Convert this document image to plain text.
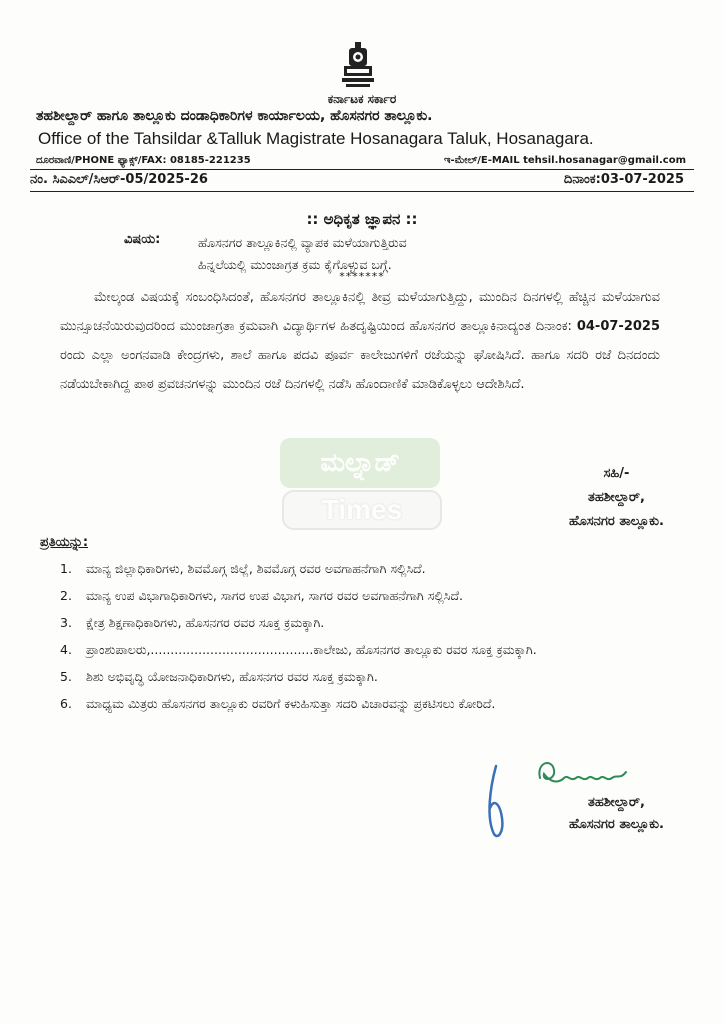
ಕರ್ನಾಟಕ ಸರ್ಕಾರ
ತಹಶೀಲ್ದಾರ್ ಹಾಗೂ ತಾಲ್ಲೂಕು ದಂಡಾಧಿಕಾರಿಗಳ ಕಾರ್ಯಾಲಯ, ಹೊಸನಗರ ತಾಲ್ಲೂಕು.
Office of the Tahsildar &Talluk Magistrate Hosanagara Taluk, Hosanagara.
ದೂರವಾಣಿ/PHONE ಫ್ಯಾಕ್ಸ್/FAX: 08185-221235	ಇ-ಮೇಲ್/E-MAIL tehsil.hosanagar@gmail.com
ನಂ. ಸಿಎಎಲ್/ಸಿಆರ್-05/2025-26	ದಿನಾಂಕ:03-07-2025
:: ಅಧಿಕೃತ ಜ್ಞಾಪನ ::
ವಿಷಯ:	ಹೊಸನಗರ ತಾಲ್ಲೂಕಿನಲ್ಲಿ ವ್ಯಾಪಕ ಮಳೆಯಾಗುತ್ತಿರುವ
ಹಿನ್ನಲೆಯಲ್ಲಿ ಮುಂಜಾಗ್ರತ ಕ್ರಮ ಕೈಗೊಳ್ಳುವ ಬಗ್ಗೆ.
*******
ಮೇಲ್ಕಂಡ ವಿಷಯಕ್ಕೆ ಸಂಬಂಧಿಸಿದಂತೆ, ಹೊಸನಗರ ತಾಲ್ಲೂಕಿನಲ್ಲಿ ತೀವ್ರ ಮಳೆಯಾಗುತ್ತಿದ್ದು, ಮುಂದಿನ ದಿನಗಳಲ್ಲಿ ಹೆಚ್ಚಿನ ಮಳೆಯಾಗುವ ಮುನ್ಸೂಚನೆಯಿರುವುದರಿಂದ ಮುಂಜಾಗ್ರತಾ ಕ್ರಮವಾಗಿ ವಿದ್ಯಾರ್ಥಿಗಳ ಹಿತದೃಷ್ಟಿಯಿಂದ ಹೊಸನಗರ ತಾಲ್ಲೂಕಿನಾದ್ಯಂತ ದಿನಾಂಕ: 04-07-2025 ರಂದು ಎಲ್ಲಾ ಅಂಗನವಾಡಿ ಕೇಂದ್ರಗಳು, ಶಾಲೆ ಹಾಗೂ ಪದವಿ ಪೂರ್ವ ಕಾಲೇಜುಗಳಿಗೆ ರಜೆಯನ್ನು ಘೋಷಿಸಿದೆ. ಹಾಗೂ ಸದರಿ ರಜೆ ದಿನದಂದು ನಡೆಯಬೇಕಾಗಿದ್ದ ಪಾಠ ಪ್ರವಚನಗಳನ್ನು ಮುಂದಿನ ರಜೆ ದಿನಗಳಲ್ಲಿ ನಡೆಸಿ ಹೊಂದಾಣಿಕೆ ಮಾಡಿಕೊಳ್ಳಲು ಆದೇಶಿಸಿದೆ.
ಮಲ್ನಾಡ್
Times
ಸಹಿ/-
ತಹಶೀಲ್ದಾರ್,
ಹೊಸನಗರ ತಾಲ್ಲೂಕು.
ಪ್ರತಿಯನ್ನು:
1. ಮಾನ್ಯ ಜಿಲ್ಲಾಧಿಕಾರಿಗಳು, ಶಿವಮೊಗ್ಗ ಜಿಲ್ಲೆ, ಶಿವಮೊಗ್ಗ ರವರ ಅವಗಾಹನೆಗಾಗಿ ಸಲ್ಲಿಸಿದೆ.
2. ಮಾನ್ಯ ಉಪ ವಿಭಾಗಾಧಿಕಾರಿಗಳು, ಸಾಗರ ಉಪ ವಿಭಾಗ, ಸಾಗರ ರವರ ಅವಗಾಹನೆಗಾಗಿ ಸಲ್ಲಿಸಿದೆ.
3. ಕ್ಷೇತ್ರ ಶಿಕ್ಷಣಾಧಿಕಾರಿಗಳು, ಹೊಸನಗರ ರವರ ಸೂಕ್ತ ಕ್ರಮಕ್ಕಾಗಿ.
4. ಪ್ರಾಂಶುಪಾಲರು,.........................................ಕಾಲೇಜು, ಹೊಸನಗರ ತಾಲ್ಲೂಕು ರವರ ಸೂಕ್ತ ಕ್ರಮಕ್ಕಾಗಿ.
5. ಶಿಶು ಅಭಿವೃದ್ಧಿ ಯೋಜನಾಧಿಕಾರಿಗಳು, ಹೊಸನಗರ ರವರ ಸೂಕ್ತ ಕ್ರಮಕ್ಕಾಗಿ.
6. ಮಾಧ್ಯಮ ಮಿತ್ರರು ಹೊಸನಗರ ತಾಲ್ಲೂಕು ರವರಿಗೆ ಕಳುಹಿಸುತ್ತಾ ಸದರಿ ವಿಚಾರವನ್ನು ಪ್ರಕಟಿಸಲು ಕೋರಿದೆ.
ತಹಶೀಲ್ದಾರ್,
ಹೊಸನಗರ ತಾಲ್ಲೂಕು.
